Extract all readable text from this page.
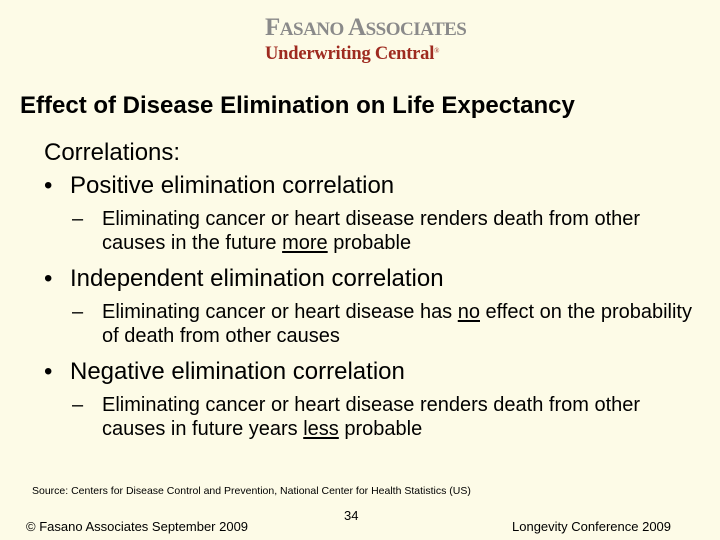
FASANO ASSOCIATES
Underwriting Central®
Effect of Disease Elimination on Life Expectancy
Correlations:
• Positive elimination correlation
– Eliminating cancer or heart disease renders death from other causes in the future more probable
• Independent elimination correlation
– Eliminating cancer or heart disease has no effect on the probability of death from other causes
• Negative elimination correlation
– Eliminating cancer or heart disease renders death from other causes in future years less probable
Source: Centers for Disease Control and Prevention, National Center for Health Statistics (US)
© Fasano Associates September 2009
34
Longevity Conference 2009
